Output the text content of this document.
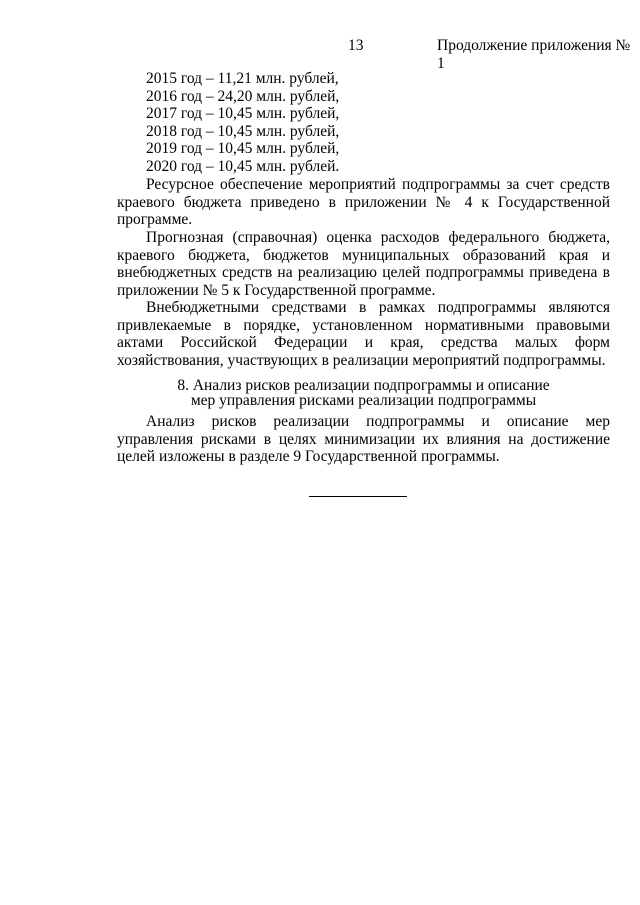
13	Продолжение приложения № 1
2015 год – 11,21 млн. рублей,
2016 год – 24,20 млн. рублей,
2017 год – 10,45 млн. рублей,
2018 год – 10,45 млн. рублей,
2019 год – 10,45 млн. рублей,
2020 год – 10,45 млн. рублей.

Ресурсное обеспечение мероприятий подпрограммы за счет средств краевого бюджета приведено в приложении № 4 к Государственной программе.

Прогнозная (справочная) оценка расходов федерального бюджета, краевого бюджета, бюджетов муниципальных образований края и внебюджетных средств на реализацию целей подпрограммы приведена в приложении № 5 к Государственной программе.

Внебюджетными средствами в рамках подпрограммы являются привлекаемые в порядке, установленном нормативными правовыми актами Российской Федерации и края, средства малых форм хозяйствования, участвующих в реализации мероприятий подпрограммы.

8. Анализ рисков реализации подпрограммы и описание
мер управления рисками реализации подпрограммы

Анализ рисков реализации подпрограммы и описание мер управления рисками в целях минимизации их влияния на достижение целей изложены в разделе 9 Государственной программы.
